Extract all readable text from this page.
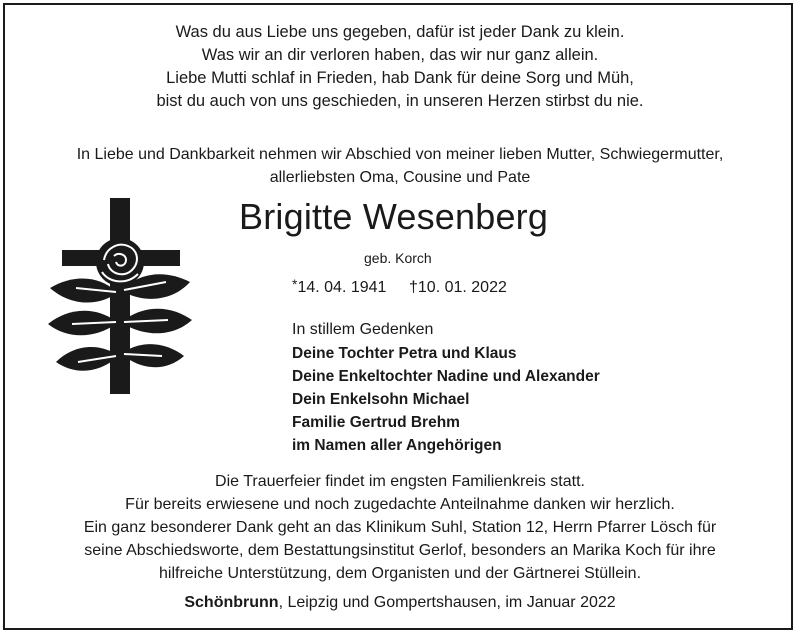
Was du aus Liebe uns gegeben, dafür ist jeder Dank zu klein.
Was wir an dir verloren haben, das wir nur ganz allein.
Liebe Mutti schlaf in Frieden, hab Dank für deine Sorg und Müh,
bist du auch von uns geschieden, in unseren Herzen stirbst du nie.
In Liebe und Dankbarkeit nehmen wir Abschied von meiner lieben Mutter, Schwiegermutter,
allerliebsten Oma, Cousine und Pate
Brigitte Wesenberg
geb. Korch
*14. 04. 1941 †10. 01. 2022
In stillem Gedenken
Deine Tochter Petra und Klaus
Deine Enkeltochter Nadine und Alexander
Dein Enkelsohn Michael
Familie Gertrud Brehm
im Namen aller Angehörigen
Die Trauerfeier findet im engsten Familienkreis statt.
Für bereits erwiesene und noch zugedachte Anteilnahme danken wir herzlich.
Ein ganz besonderer Dank geht an das Klinikum Suhl, Station 12, Herrn Pfarrer Lösch für
seine Abschiedsworte, dem Bestattungsinstitut Gerlof, besonders an Marika Koch für ihre
hilfreiche Unterstützung, dem Organisten und der Gärtnerei Stüllein.
Schönbrunn, Leipzig und Gompertshausen, im Januar 2022
